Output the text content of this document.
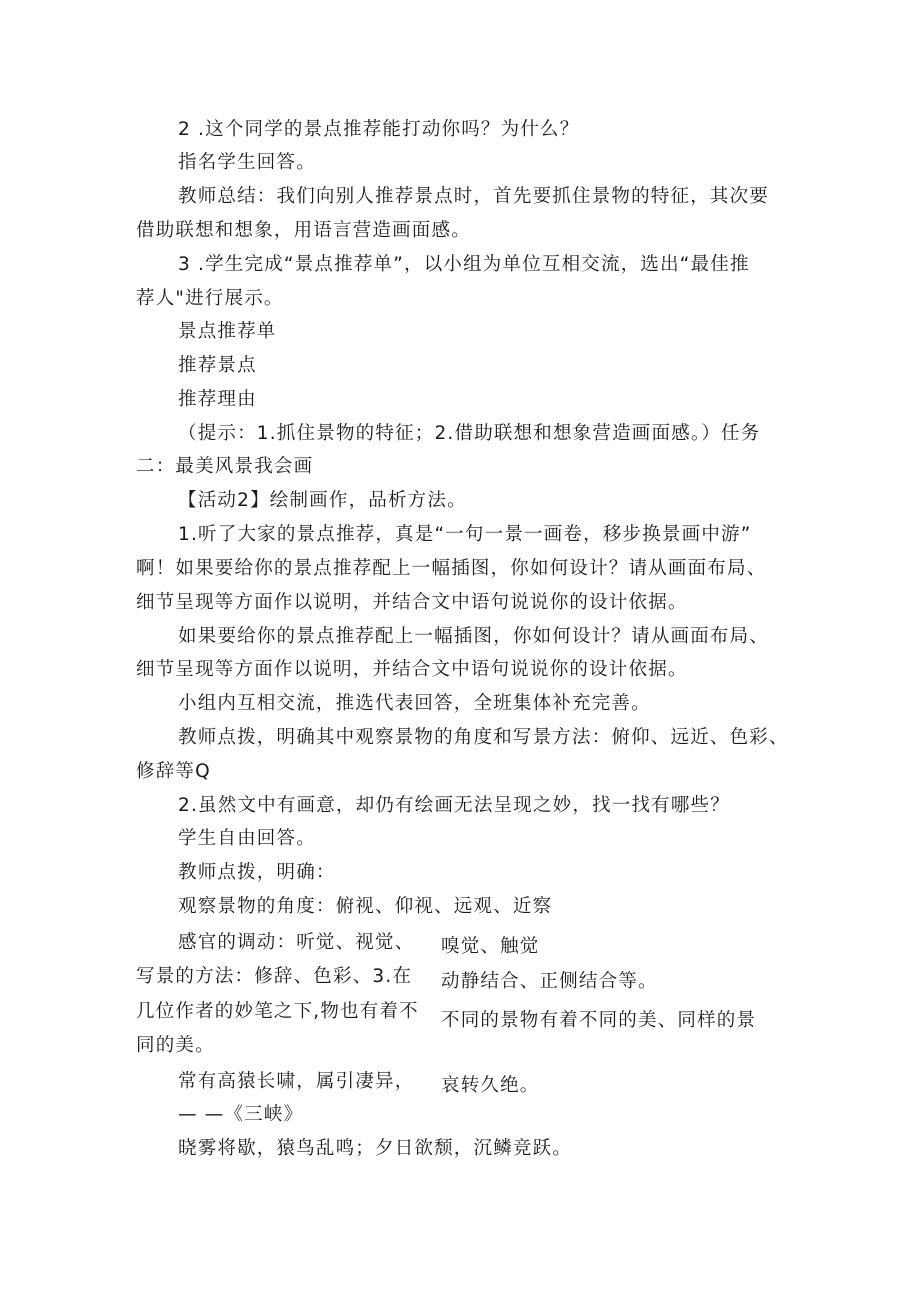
2 .这个同学的景点推荐能打动你吗？为什么？
指名学生回答。
教师总结：我们向别人推荐景点时，首先要抓住景物的特征，其次要
借助联想和想象，用语言营造画面感。
3 .学生完成“景点推荐单”，以小组为单位互相交流，选出“最佳推
荐人"进行展示。
景点推荐单
推荐景点
推荐理由
（提示：1.抓住景物的特征；2.借助联想和想象营造画面感。）任务
二：最美风景我会画
【活动2】绘制画作，品析方法。
1.听了大家的景点推荐，真是“一句一景一画卷，移步换景画中游”
啊！如果要给你的景点推荐配上一幅插图，你如何设计？请从画面布局、
细节呈现等方面作以说明，并结合文中语句说说你的设计依据。
如果要给你的景点推荐配上一幅插图，你如何设计？请从画面布局、
细节呈现等方面作以说明，并结合文中语句说说你的设计依据。
小组内互相交流，推选代表回答，全班集体补充完善。
教师点拨，明确其中观察景物的角度和写景方法：俯仰、远近、色彩、
修辞等Q
2.虽然文中有画意，却仍有绘画无法呈现之妙，找一找有哪些？
学生自由回答。
教师点拨，明确：
观察景物的角度：俯视、仰视、远观、近察
感官的调动：听觉、视觉、 嗅觉、触觉
写景的方法：修辞、色彩、3.在 动静结合、正侧结合等。
几位作者的妙笔之下,物也有着不 不同的景物有着不同的美、同样的景
同的美。
常有高猿长啸，属引凄异， 哀转久绝。
— —《三峡》
晓雾将歇，猿鸟乱鸣；夕日欲颓，沉鳞竞跃。
